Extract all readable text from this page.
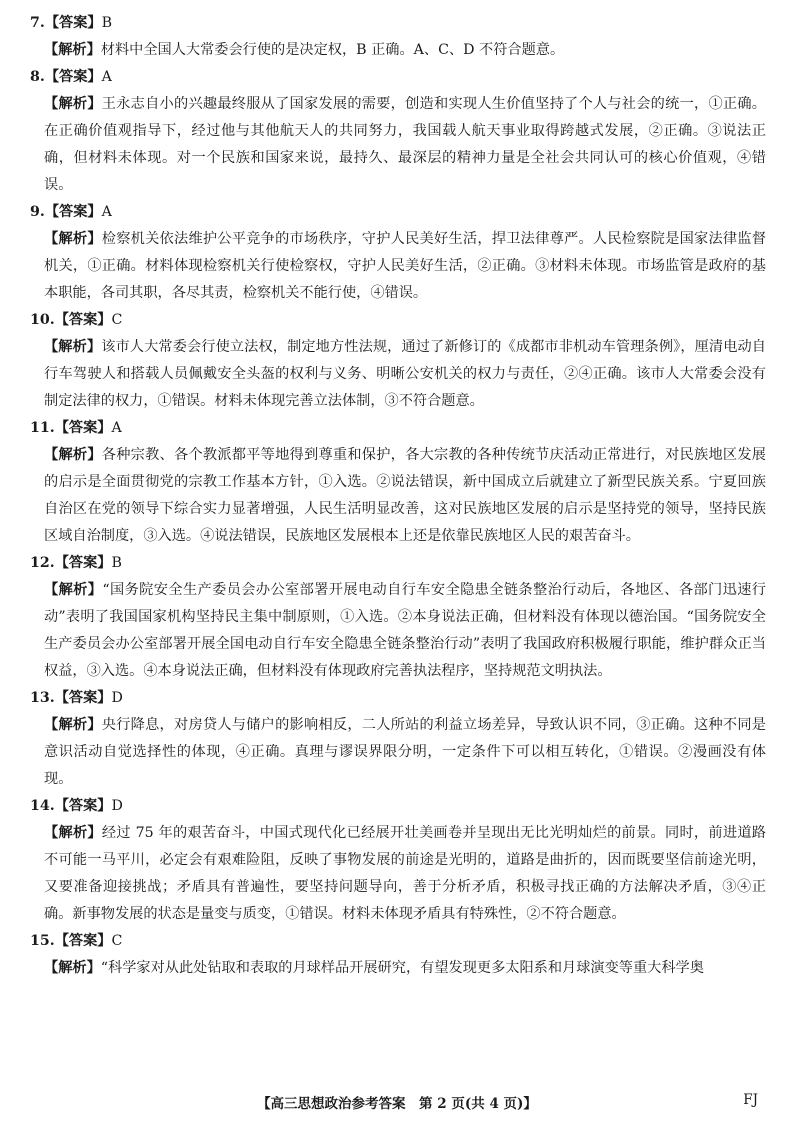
7.【答案】B

【解析】材料中全国人大常委会行使的是决定权，B 正确。A、C、D 不符合题意。

8.【答案】A

【解析】王永志自小的兴趣最终服从了国家发展的需要，创造和实现人生价值坚持了个人与社会的统一，①正确。在正确价值观指导下，经过他与其他航天人的共同努力，我国载人航天事业取得跨越式发展，②正确。③说法正确，但材料未体现。对一个民族和国家来说，最持久、最深层的精神力量是全社会共同认可的核心价值观，④错误。

9.【答案】A

【解析】检察机关依法维护公平竞争的市场秩序，守护人民美好生活，捍卫法律尊严。人民检察院是国家法律监督机关，①正确。材料体现检察机关行使检察权，守护人民美好生活，②正确。③材料未体现。市场监管是政府的基本职能，各司其职，各尽其责，检察机关不能行使，④错误。

10.【答案】C

【解析】该市人大常委会行使立法权，制定地方性法规，通过了新修订的《成都市非机动车管理条例》，厘清电动自行车驾驶人和搭载人员佩戴安全头盔的权利与义务、明晰公安机关的权力与责任，②④正确。该市人大常委会没有制定法律的权力，①错误。材料未体现完善立法体制，③不符合题意。

11.【答案】A

【解析】各种宗教、各个教派都平等地得到尊重和保护，各大宗教的各种传统节庆活动正常进行，对民族地区发展的启示是全面贯彻党的宗教工作基本方针，①入选。②说法错误，新中国成立后就建立了新型民族关系。宁夏回族自治区在党的领导下综合实力显著增强，人民生活明显改善，这对民族地区发展的启示是坚持党的领导，坚持民族区域自治制度，③入选。④说法错误，民族地区发展根本上还是依靠民族地区人民的艰苦奋斗。

12.【答案】B

【解析】“国务院安全生产委员会办公室部署开展电动自行车安全隐患全链条整治行动后，各地区、各部门迅速行动”表明了我国国家机构坚持民主集中制原则，①入选。②本身说法正确，但材料没有体现以德治国。“国务院安全生产委员会办公室部署开展全国电动自行车安全隐患全链条整治行动”表明了我国政府积极履行职能，维护群众正当权益，③入选。④本身说法正确，但材料没有体现政府完善执法程序，坚持规范文明执法。

13.【答案】D

【解析】央行降息，对房贷人与储户的影响相反，二人所站的利益立场差异，导致认识不同，③正确。这种不同是意识活动自觉选择性的体现，④正确。真理与谬误界限分明，一定条件下可以相互转化，①错误。②漫画没有体现。

14.【答案】D

【解析】经过 75 年的艰苦奋斗，中国式现代化已经展开壮美画卷并呈现出无比光明灿烂的前景。同时，前进道路不可能一马平川，必定会有艰难险阻，反映了事物发展的前途是光明的，道路是曲折的，因而既要坚信前途光明，又要准备迎接挑战；矛盾具有普遍性，要坚持问题导向，善于分析矛盾，积极寻找正确的方法解决矛盾，③④正确。新事物发展的状态是量变与质变，①错误。材料未体现矛盾具有特殊性，②不符合题意。

15.【答案】C

【解析】“科学家对从此处钻取和表取的月球样品开展研究，有望发现更多太阳系和月球演变等重大科学奥

【高三思想政治参考答案　第 2 页(共 4 页)】	FJ
